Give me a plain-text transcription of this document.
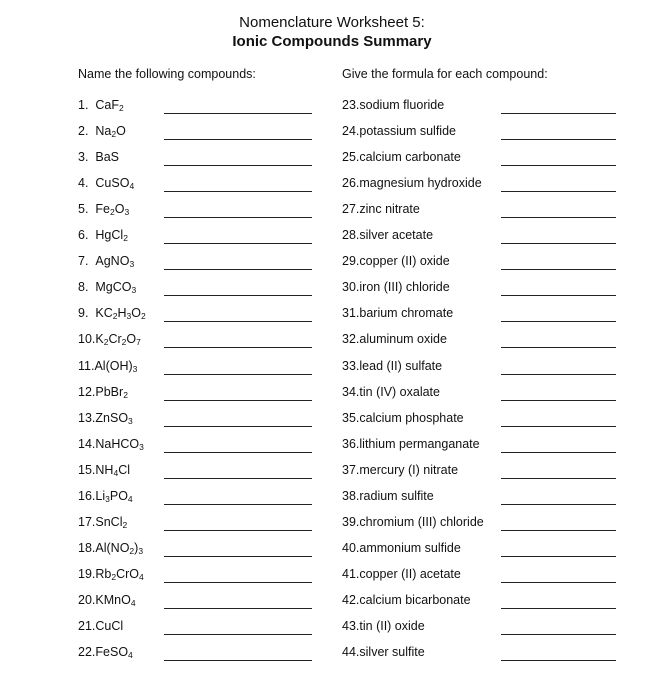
Nomenclature Worksheet 5:
Ionic Compounds Summary
Name the following compounds:	Give the formula for each compound:
1. CaF$_2$
2. $Na_2O$
3. BaS
4. CuSO$_4$
5. $Fe_2O_3$
6. HgCl$_2$
7. AgNO$_3$
8. MgCO$_3$
9. $KC_2H_3O_2$
$10.K_2Cr_2O_7$
$11.Al(OH)_3$
12.PbBr$_2$
13.ZnSO$_3$
14.NaHCO$_3$
$15.NH_4Cl$
$16.Li_3PO_4$
17.SnCl$_2$
$18.Al(NO_2)_3$
$19.Rb_2CrO_4$
20.KMnO$_4$
21.CuCl
22.FeSO$_4$
23.sodium fluoride
24.potassium sulfide
25.calcium carbonate
26.magnesium hydroxide
27.zinc nitrate
28.silver acetate
29.copper (II) oxide
30.iron (III) chloride
31.barium chromate
32.aluminum oxide
33.lead (II) sulfate
34.tin (IV) oxalate
35.calcium phosphate
36.lithium permanganate
37.mercury (I) nitrate
38.radium sulfite
39.chromium (III) chloride
40.ammonium sulfide
41.copper (II) acetate
42.calcium bicarbonate
43.tin (II) oxide
44.silver sulfite
